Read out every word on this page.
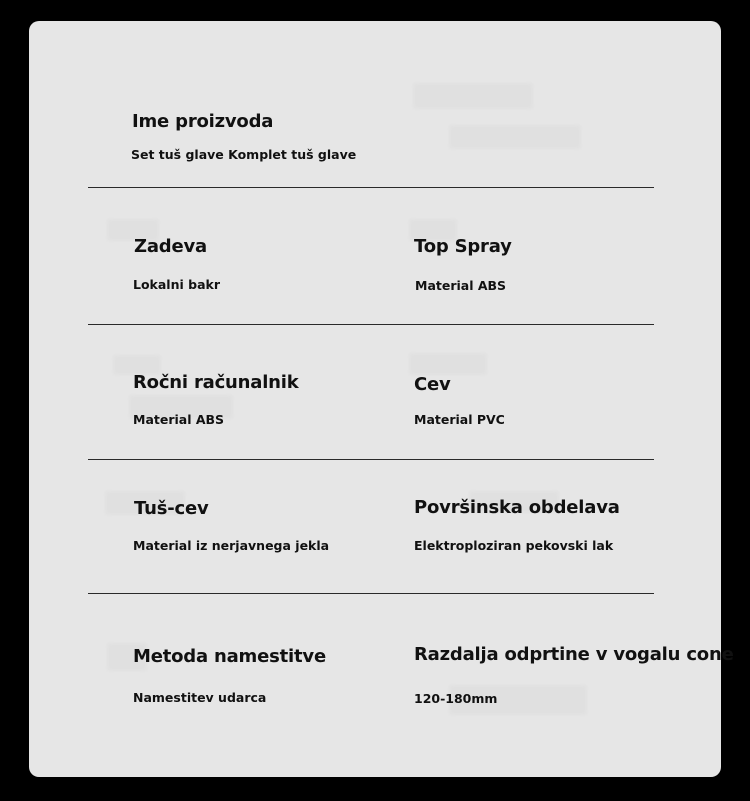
Ime proizvoda
Set tuš glave Komplet tuš glave
Zadeva
Lokalni bakr
Top Spray
Material ABS
Ročni računalnik
Material ABS
Cev
Material PVC
Tuš-cev
Material iz nerjavnega jekla
Površinska obdelava
Elektroploziran pekovski lak
Metoda namestitve
Namestitev udarca
Razdalja odprtine v vogalu cone
120-180mm
